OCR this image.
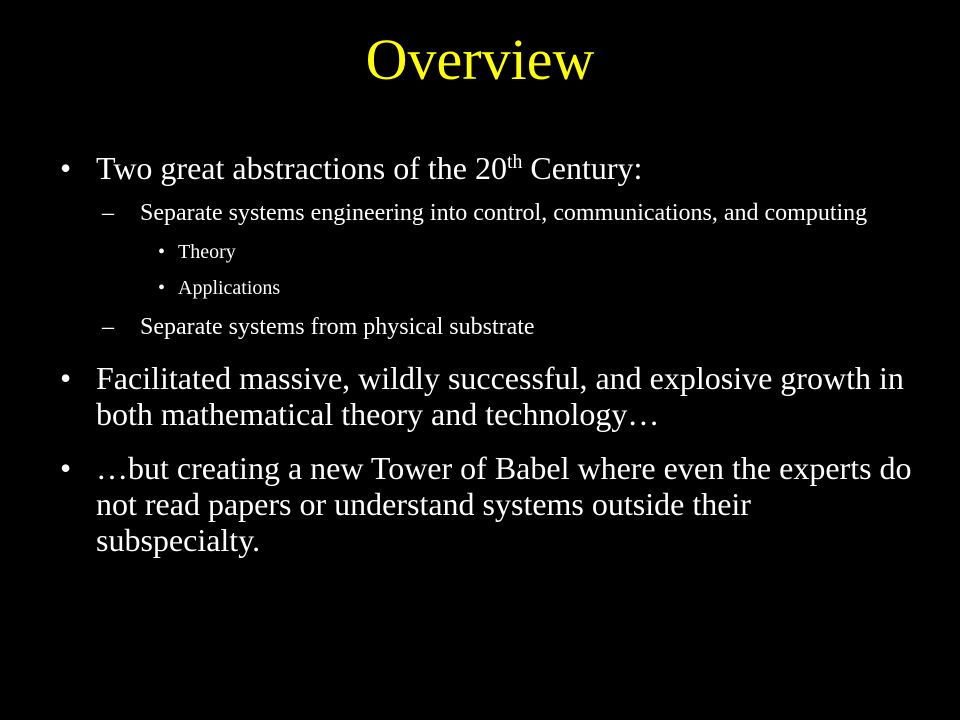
Overview
• Two great abstractions of the 20th Century:
– Separate systems engineering into control, communications, and computing
• Theory
• Applications
– Separate systems from physical substrate
• Facilitated massive, wildly successful, and explosive growth in both mathematical theory and technology…
• …but creating a new Tower of Babel where even the experts do not read papers or understand systems outside their subspecialty.
